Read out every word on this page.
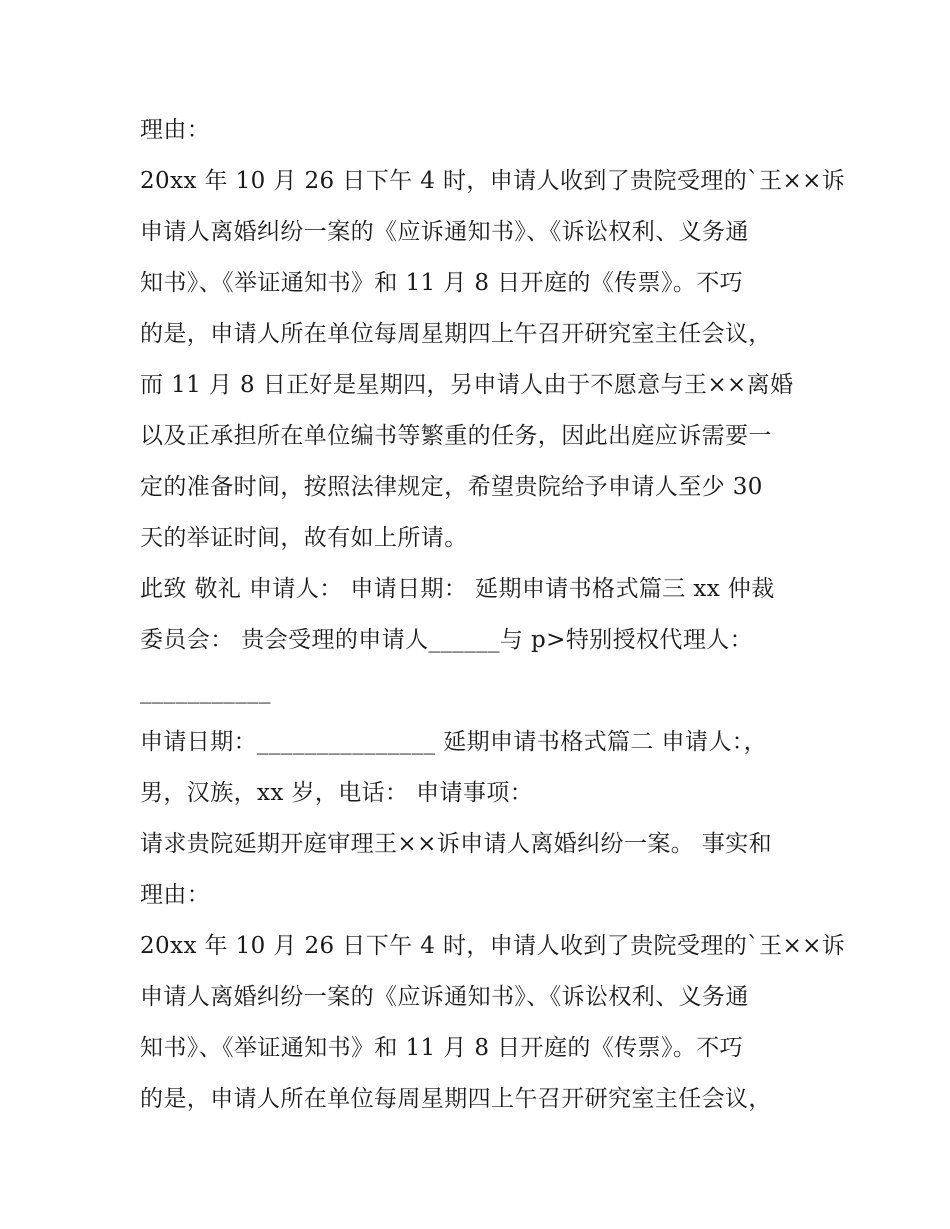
理由：
20xx 年 10 月 26 日下午 4 时，申请人收到了贵院受理的`王××诉
申请人离婚纠纷一案的《应诉通知书》、《诉讼权利、义务通
知书》、《举证通知书》和 11 月 8 日开庭的《传票》。不巧
的是，申请人所在单位每周星期四上午召开研究室主任会议，
而 11 月 8 日正好是星期四，另申请人由于不愿意与王××离婚
以及正承担所在单位编书等繁重的任务，因此出庭应诉需要一
定的准备时间，按照法律规定，希望贵院给予申请人至少 30
天的举证时间，故有如上所请。
此致 敬礼 申请人： 申请日期： 延期申请书格式篇三 xx 仲裁
委员会： 贵会受理的申请人______与 p>特别授权代理人：
___________
申请日期：_______________ 延期申请书格式篇二 申请人：，
男，汉族，xx 岁，电话： 申请事项：
请求贵院延期开庭审理王××诉申请人离婚纠纷一案。 事实和
理由：
20xx 年 10 月 26 日下午 4 时，申请人收到了贵院受理的`王××诉
申请人离婚纠纷一案的《应诉通知书》、《诉讼权利、义务通
知书》、《举证通知书》和 11 月 8 日开庭的《传票》。不巧
的是，申请人所在单位每周星期四上午召开研究室主任会议，
